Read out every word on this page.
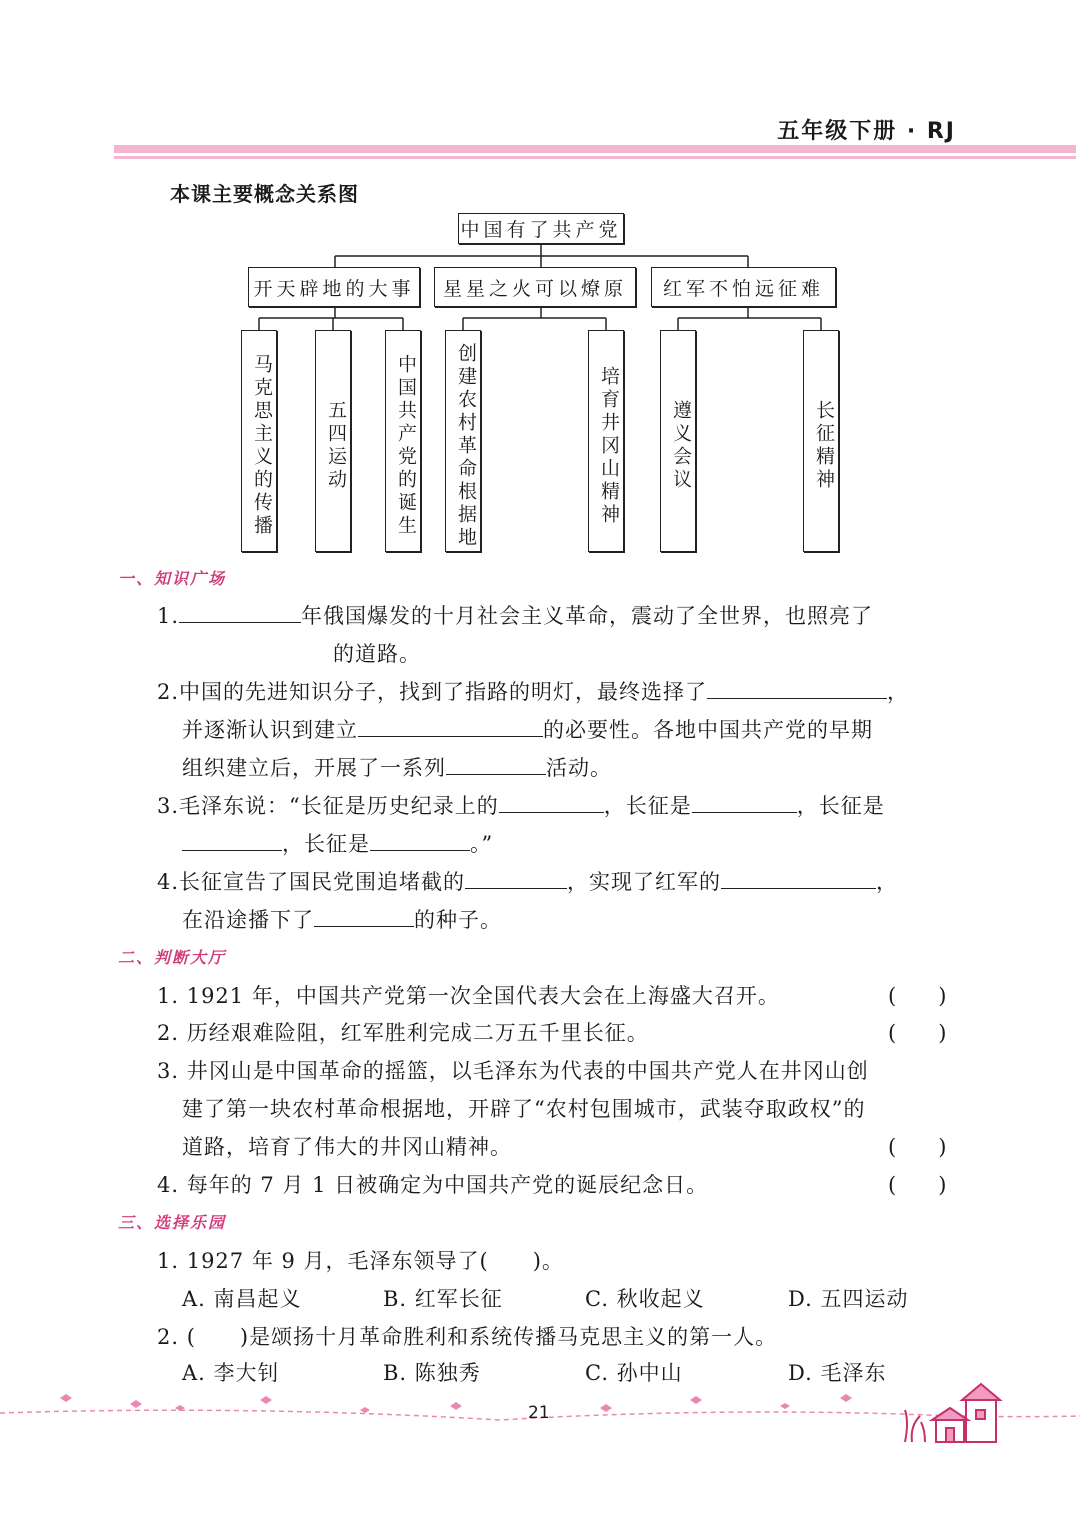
五年级下册 · RJ
本课主要概念关系图
中国有了共产党
开天辟地的大事	星星之火可以燎原	红军不怕远征难
马克思主义的传播	五四运动	中国共产党的诞生	创建农村革命根据地	培育井冈山精神	遵义会议	长征精神
一、知识广场
1.	年俄国爆发的十月社会主义革命，震动了全世界，也照亮了
的道路。
2.中国的先进知识分子，找到了指路的明灯，最终选择了	，
并逐渐认识到建立	的必要性。各地中国共产党的早期
组织建立后，开展了一系列	活动。
3.毛泽东说：“长征是历史纪录上的	，长征是	，长征是
，长征是	。”
4.长征宣告了国民党围追堵截的	，实现了红军的	，
在沿途播下了	的种子。
二、判断大厅
1. 1921 年，中国共产党第一次全国代表大会在上海盛大召开。	(　　)
2. 历经艰难险阻，红军胜利完成二万五千里长征。	(　　)
3. 井冈山是中国革命的摇篮，以毛泽东为代表的中国共产党人在井冈山创
建了第一块农村革命根据地，开辟了“农村包围城市，武装夺取政权”的
道路，培育了伟大的井冈山精神。	(　　)
4. 每年的 7 月 1 日被确定为中国共产党的诞辰纪念日。	(　　)
三、选择乐园
1. 1927 年 9 月，毛泽东领导了(　　)。
A. 南昌起义	B. 红军长征	C. 秋收起义	D. 五四运动
2. (　　)是颂扬十月革命胜利和系统传播马克思主义的第一人。
A. 李大钊	B. 陈独秀	C. 孙中山	D. 毛泽东
21
